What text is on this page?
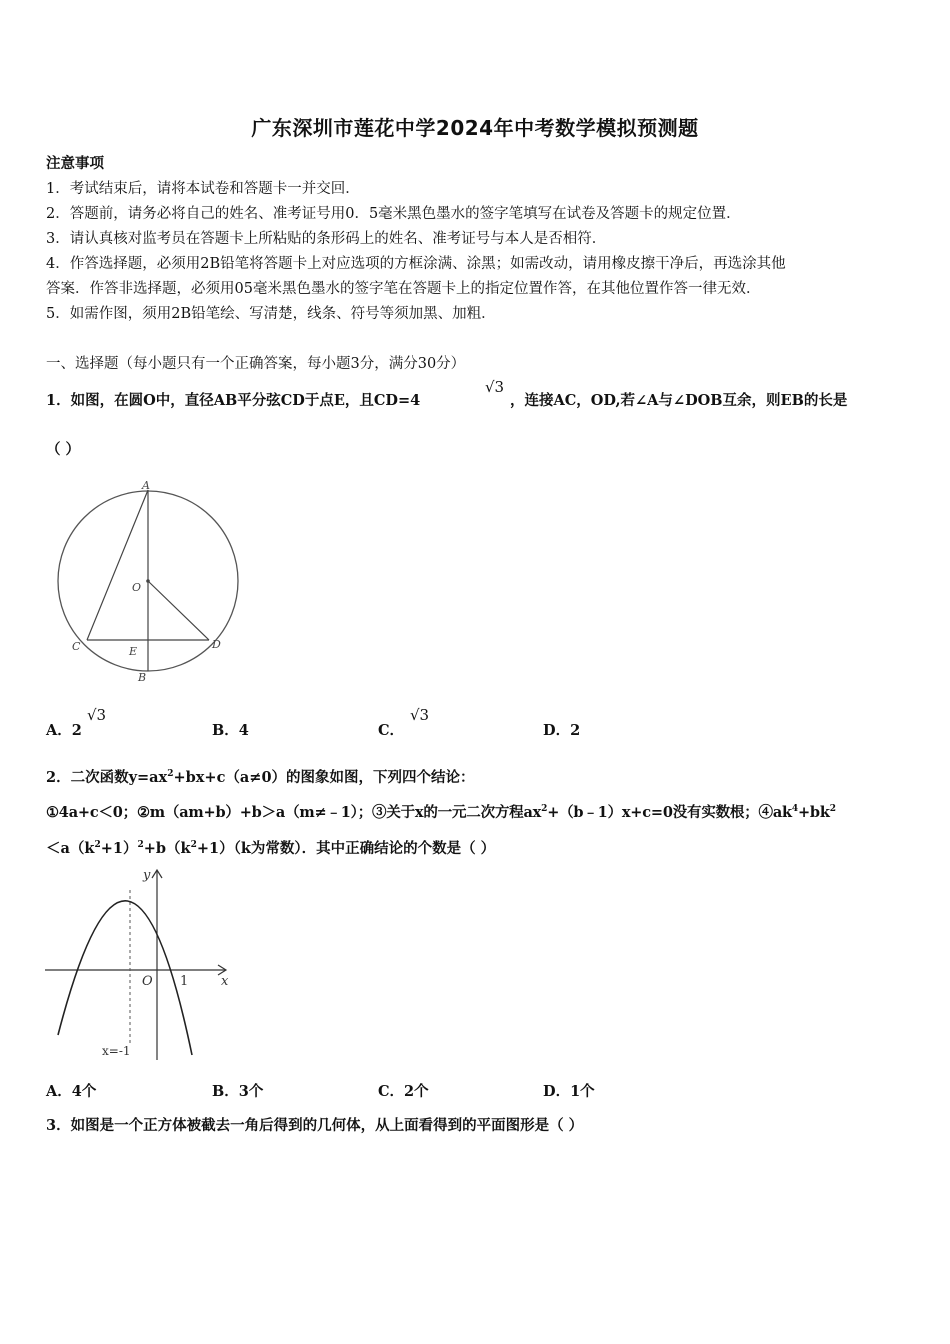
广东深圳市莲花中学2024年中考数学模拟预测题
注意事项
1．考试结束后，请将本试卷和答题卡一并交回．
2．答题前，请务必将自己的姓名、准考证号用0．5毫米黑色墨水的签字笔填写在试卷及答题卡的规定位置．
3．请认真核对监考员在答题卡上所粘贴的条形码上的姓名、准考证号与本人是否相符．
4．作答选择题，必须用2B铅笔将答题卡上对应选项的方框涂满、涂黑；如需改动，请用橡皮擦干净后，再选涂其他
答案．作答非选择题，必须用05毫米黑色墨水的签字笔在答题卡上的指定位置作答，在其他位置作答一律无效．
5．如需作图，须用2B铅笔绘、写清楚，线条、符号等须加黑、加粗．
一、选择题（每小题只有一个正确答案，每小题3分，满分30分）
1．如图，在圆O中，直径AB平分弦CD于点E，且CD=4
√3
，连接AC，OD,若∠A与∠DOB互余，则EB的长是
（ ）
A
O
C	E
D
B
A．2
√3
B．4	C．
√3
D．2
2．二次函数$y=ax^2+bx+c(a\ne 0)$的图象如图，下列四个结论：
①4a+c＜0；②m（am+b）+b＞a（m≠﹣1）；③关于x的一元二次方程$ax^2+(b﹣1)x+c=0$没有实数根；$④ak^4+bk^2$
$<a(k^2+1)^2+b(k^2+1)(k$为常数）．其中正确结论的个数是（ ）
y
x
O 1
x=-1
A．4个	B．3个	C．2个	D．1个
3．如图是一个正方体被截去一角后得到的几何体，从上面看得到的平面图形是（ ）
